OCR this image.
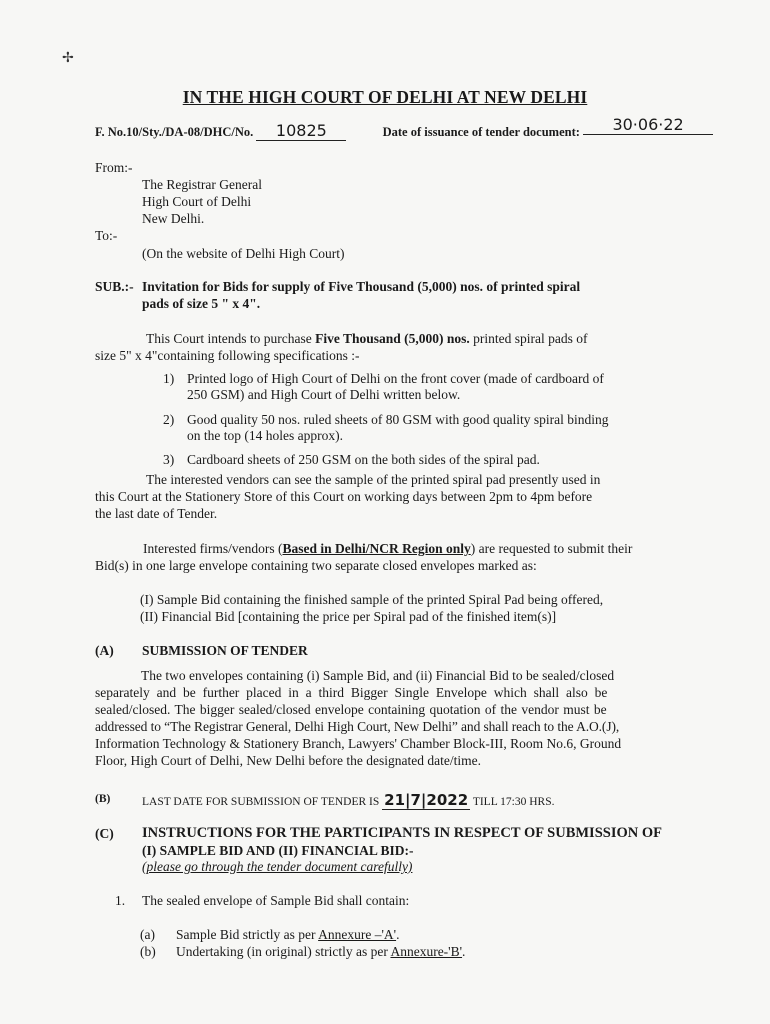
✢
IN THE HIGH COURT OF DELHI AT NEW DELHI
F. No.10/Sty./DA-08/DHC/No. 10825	Date of issuance of tender document: 30·06·22
From:-
The Registrar General
High Court of Delhi
New Delhi.
To:-
(On the website of Delhi High Court)
SUB.:- Invitation for Bids for supply of Five Thousand (5,000) nos. of printed spiral
pads of size 5 " x 4".
This Court intends to purchase Five Thousand (5,000) nos. printed spiral pads of
size 5" x 4"containing following specifications :-
1) Printed logo of High Court of Delhi on the front cover (made of cardboard of
250 GSM) and High Court of Delhi written below.
2) Good quality 50 nos. ruled sheets of 80 GSM with good quality spiral binding
on the top (14 holes approx).
3) Cardboard sheets of 250 GSM on the both sides of the spiral pad.
The interested vendors can see the sample of the printed spiral pad presently used in
this Court at the Stationery Store of this Court on working days between 2pm to 4pm before
the last date of Tender.
Interested firms/vendors (Based in Delhi/NCR Region only) are requested to submit their
Bid(s) in one large envelope containing two separate closed envelopes marked as:
(I) Sample Bid containing the finished sample of the printed Spiral Pad being offered,
(II) Financial Bid [containing the price per Spiral pad of the finished item(s)]
(A) SUBMISSION OF TENDER
The two envelopes containing (i) Sample Bid, and (ii) Financial Bid to be sealed/closed
separately and be further placed in a third Bigger Single Envelope which shall also be
sealed/closed. The bigger sealed/closed envelope containing quotation of the vendor must be
addressed to “The Registrar General, Delhi High Court, New Delhi” and shall reach to the A.O.(J),
Information Technology & Stationery Branch, Lawyers' Chamber Block-III, Room No.6, Ground
Floor, High Court of Delhi, New Delhi before the designated date/time.
(B)	LAST DATE FOR SUBMISSION OF TENDER IS 21|7|2022 TILL 17:30 HRS.
(C) INSTRUCTIONS FOR THE PARTICIPANTS IN RESPECT OF SUBMISSION OF
(I) SAMPLE BID AND (II) FINANCIAL BID:-
(please go through the tender document carefully)
1. The sealed envelope of Sample Bid shall contain:
(a) Sample Bid strictly as per Annexure –'A'.
(b) Undertaking (in original) strictly as per Annexure-'B'.
